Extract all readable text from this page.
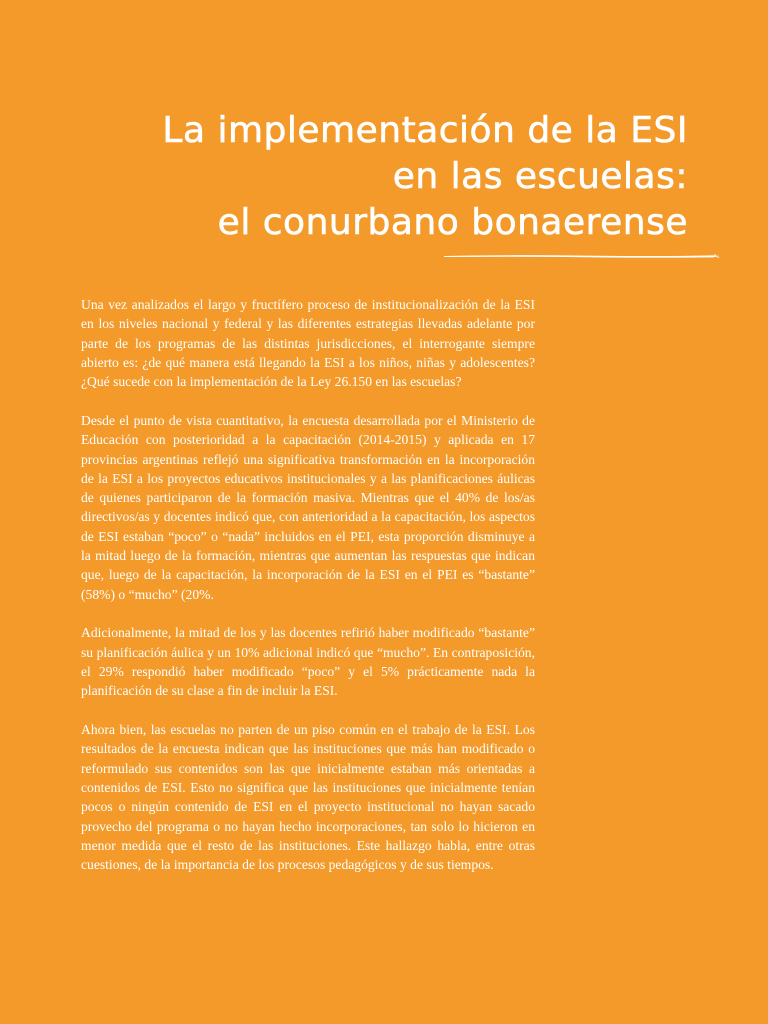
La implementación de la ESI
en las escuelas:
el conurbano bonaerense

Una vez analizados el largo y fructífero proceso de institucionalización de la ESI en los niveles nacional y federal y las diferentes estrategias llevadas adelante por parte de los programas de las distintas jurisdicciones, el interrogante siempre abierto es: ¿de qué manera está llegando la ESI a los niños, niñas y adolescentes? ¿Qué sucede con la implementación de la Ley 26.150 en las escuelas?

Desde el punto de vista cuantitativo, la encuesta desarrollada por el Ministerio de Educación con posterioridad a la capacitación (2014-2015) y aplicada en 17 provincias argentinas reflejó una significativa transformación en la incorporación de la ESI a los proyectos educativos institucionales y a las planificaciones áulicas de quienes participaron de la formación masiva. Mientras que el 40% de los/as directivos/as y docentes indicó que, con anterioridad a la capacitación, los aspectos de ESI estaban “poco” o “nada” incluidos en el PEI, esta proporción disminuye a la mitad luego de la formación, mientras que aumentan las respuestas que indican que, luego de la capacitación, la incorporación de la ESI en el PEI es “bastante” (58%) o “mucho” (20%.

Adicionalmente, la mitad de los y las docentes refirió haber modificado “bastante” su planificación áulica y un 10% adicional indicó que “mucho”. En contraposición, el 29% respondió haber modificado “poco” y el 5% prácticamente nada la planificación de su clase a fin de incluir la ESI.

Ahora bien, las escuelas no parten de un piso común en el trabajo de la ESI. Los resultados de la encuesta indican que las instituciones que más han modificado o reformulado sus contenidos son las que inicialmente estaban más orientadas a contenidos de ESI. Esto no significa que las instituciones que inicialmente tenían pocos o ningún contenido de ESI en el proyecto institucional no hayan sacado provecho del programa o no hayan hecho incorporaciones, tan solo lo hicieron en menor medida que el resto de las instituciones. Este hallazgo habla, entre otras cuestiones, de la importancia de los procesos pedagógicos y de sus tiempos.
